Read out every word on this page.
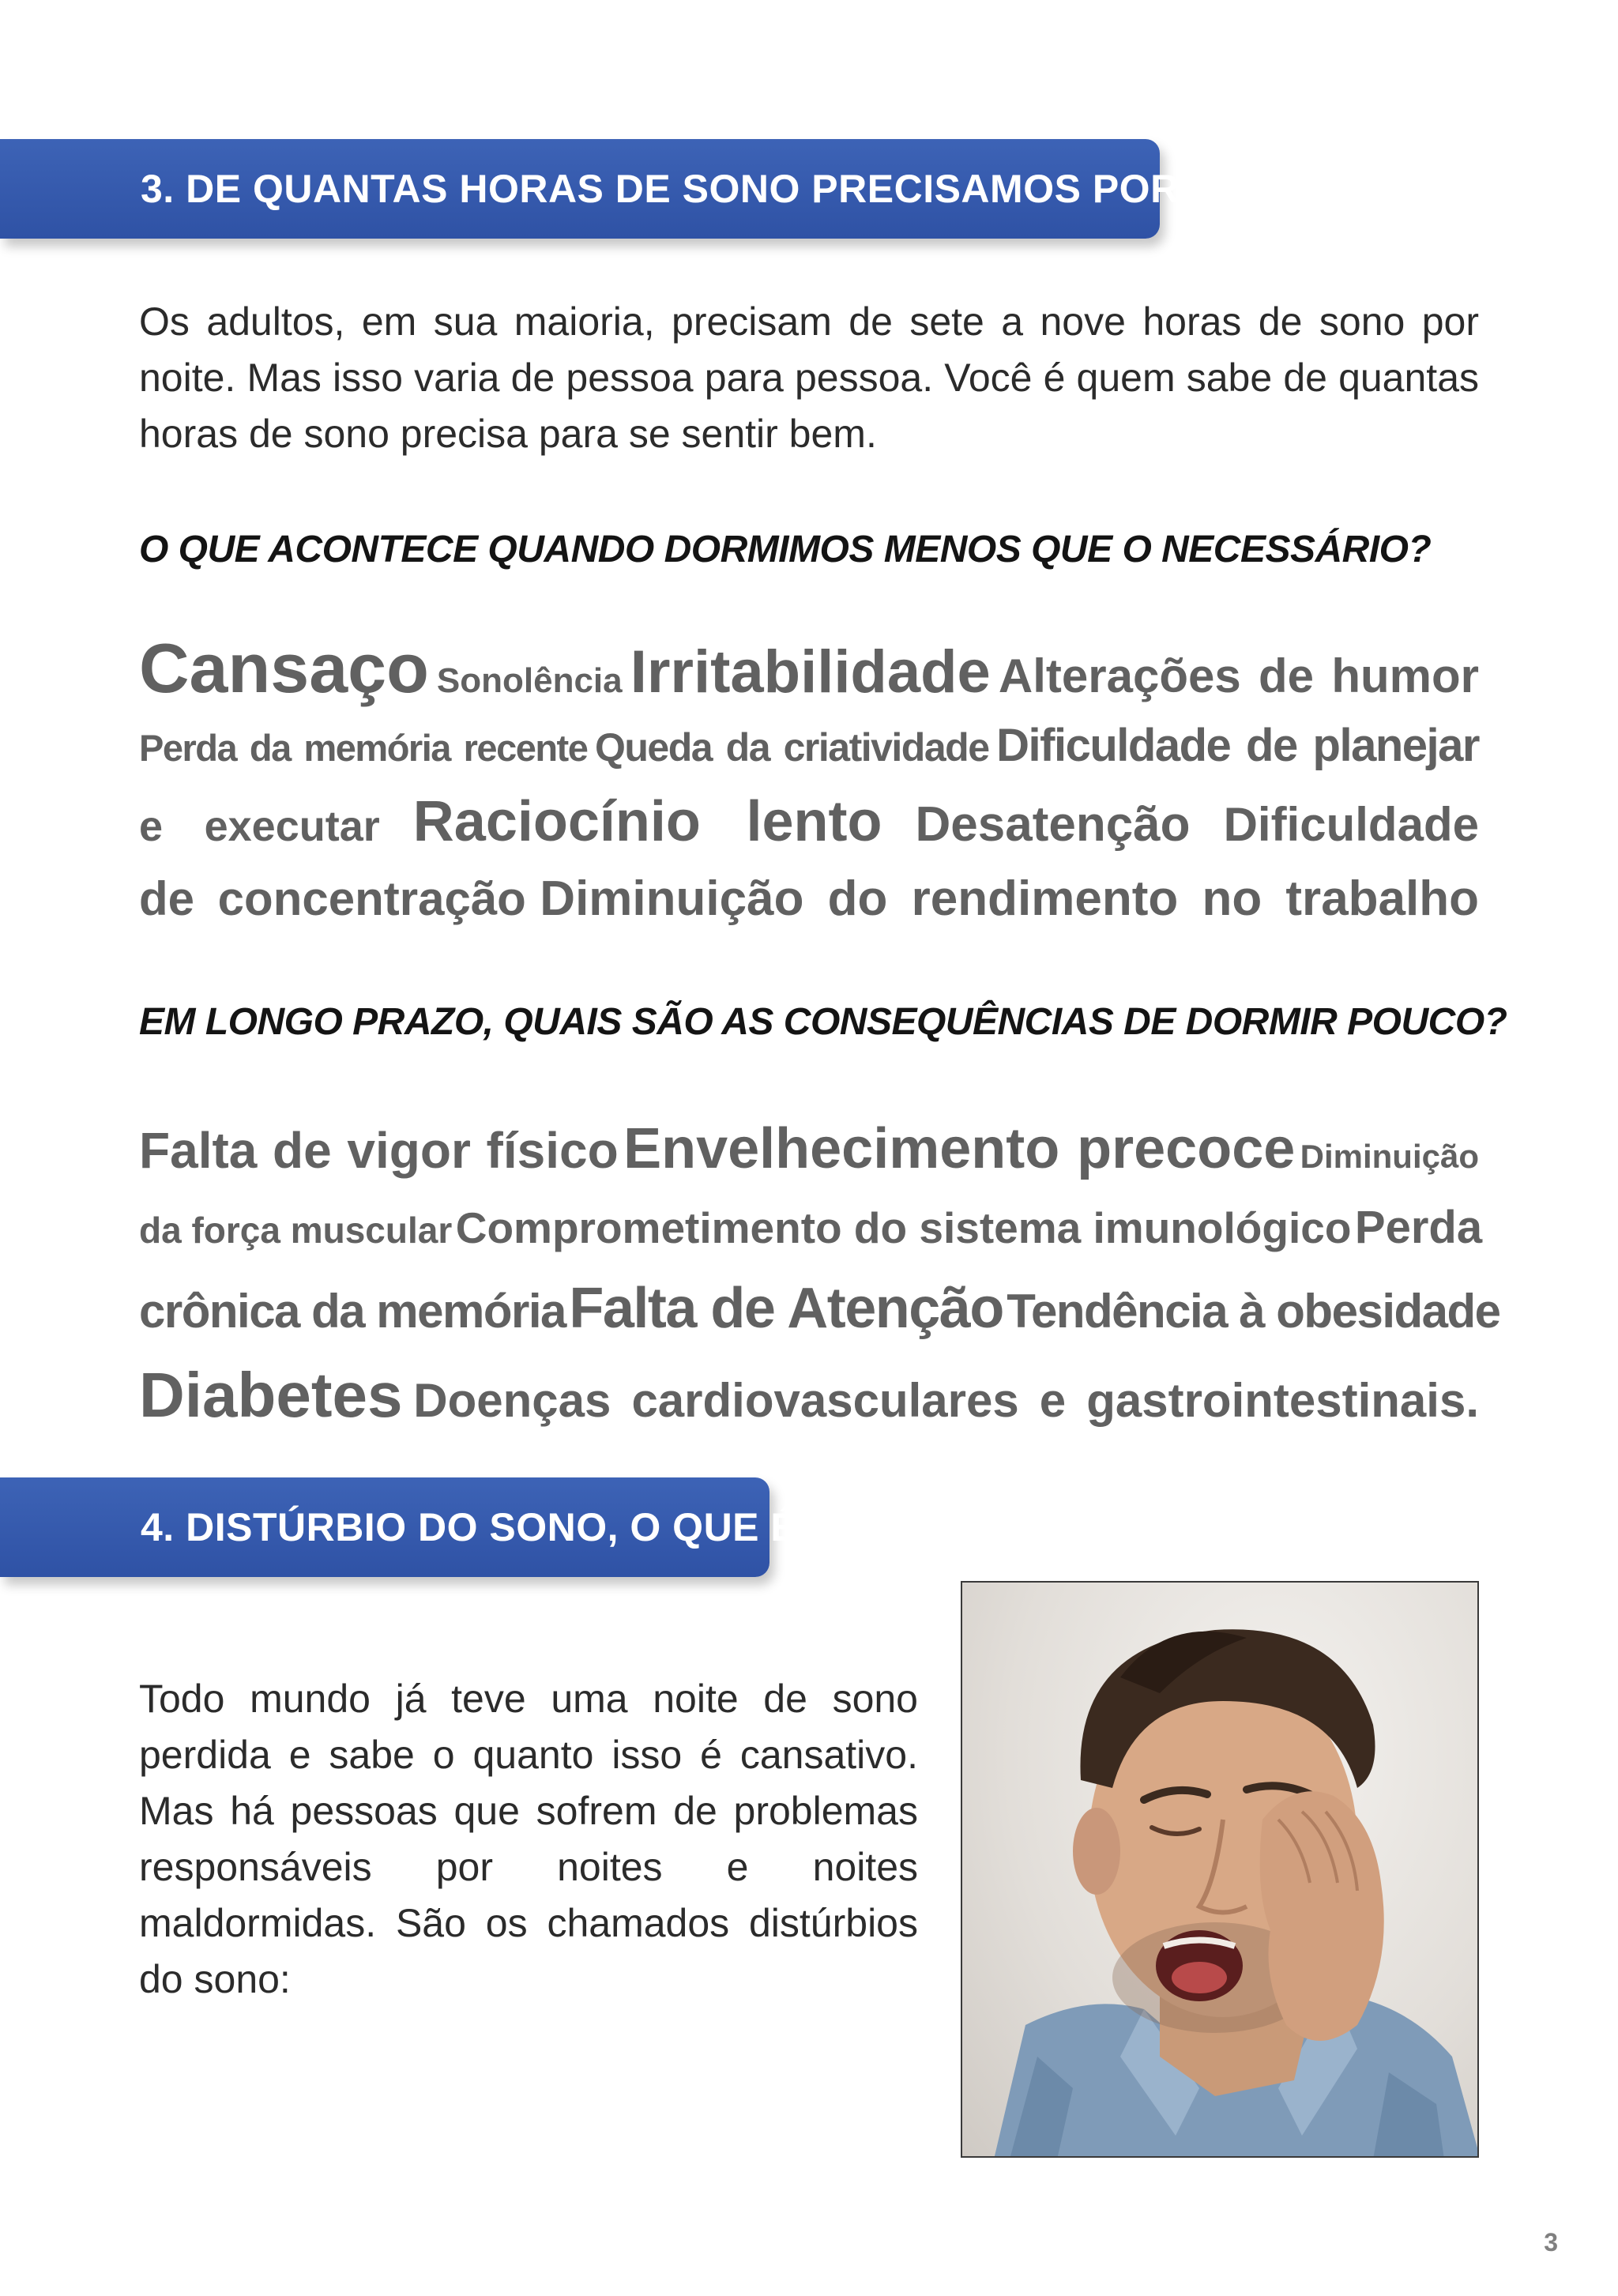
3. DE QUANTAS HORAS DE SONO PRECISAMOS POR DIA?

Os adultos, em sua maioria, precisam de sete a nove horas de sono por noite. Mas isso varia de pessoa para pessoa. Você é quem sabe de quantas horas de sono precisa para se sentir bem.

O QUE ACONTECE QUANDO DORMIMOS MENOS QUE O NECESSÁRIO?

Cansaço Sonolência Irritabilidade Alterações de humor
Perda da memória recente Queda da criatividade Dificuldade de planejar
e executar Raciocínio lento Desatenção Dificuldade
de concentração Diminuição do rendimento no trabalho

EM LONGO PRAZO, QUAIS SÃO AS CONSEQUÊNCIAS DE DORMIR POUCO?

Falta de vigor físico Envelhecimento precoce Diminuição
da força muscular Comprometimento do sistema imunológico Perda
crônica da memória Falta de Atenção Tendência à obesidade
Diabetes Doenças cardiovasculares e gastrointestinais.
4. DISTÚRBIO DO SONO, O QUE É?

Todo mundo já teve uma noite de sono perdida e sabe o quanto isso é cansativo. Mas há pessoas que sofrem de problemas responsáveis por noites e noites maldormidas. São os chamados distúrbios do sono:

3
